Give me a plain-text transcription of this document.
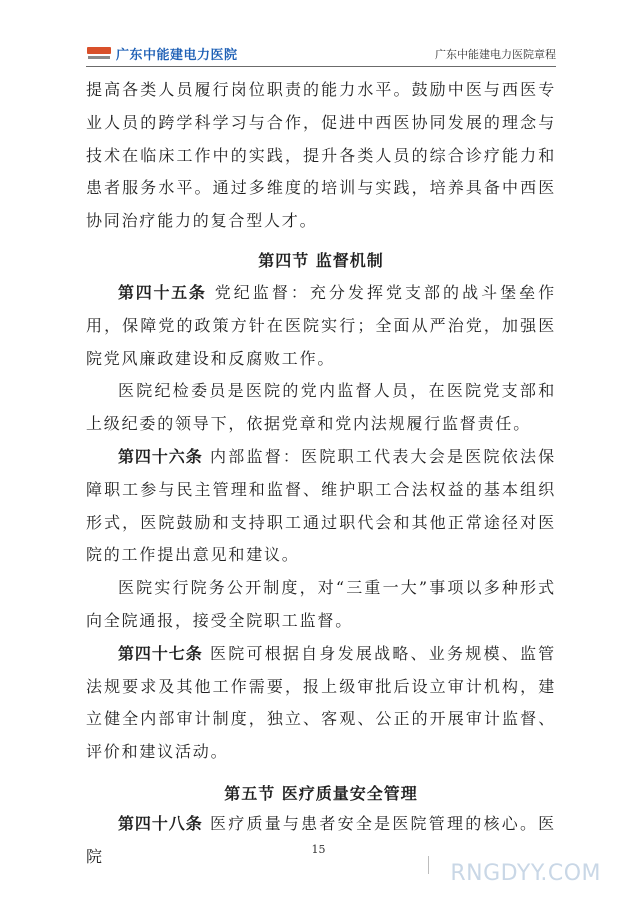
广东中能建电力医院	广东中能建电力医院章程

提高各类人员履行岗位职责的能力水平。鼓励中医与西医专业人员的跨学科学习与合作，促进中西医协同发展的理念与技术在临床工作中的实践，提升各类人员的综合诊疗能力和患者服务水平。通过多维度的培训与实践，培养具备中西医协同治疗能力的复合型人才。

第四节 监督机制

第四十五条 党纪监督：充分发挥党支部的战斗堡垒作用，保障党的政策方针在医院实行；全面从严治党，加强医院党风廉政建设和反腐败工作。

医院纪检委员是医院的党内监督人员，在医院党支部和上级纪委的领导下，依据党章和党内法规履行监督责任。

第四十六条 内部监督：医院职工代表大会是医院依法保障职工参与民主管理和监督、维护职工合法权益的基本组织形式，医院鼓励和支持职工通过职代会和其他正常途径对医院的工作提出意见和建议。

医院实行院务公开制度，对“三重一大”事项以多种形式向全院通报，接受全院职工监督。

第四十七条 医院可根据自身发展战略、业务规模、监管法规要求及其他工作需要，报上级审批后设立审计机构，建立健全内部审计制度，独立、客观、公正的开展审计监督、评价和建议活动。

第五节 医疗质量安全管理

第四十八条 医疗质量与患者安全是医院管理的核心。医院	15
RNGDYY.COM
